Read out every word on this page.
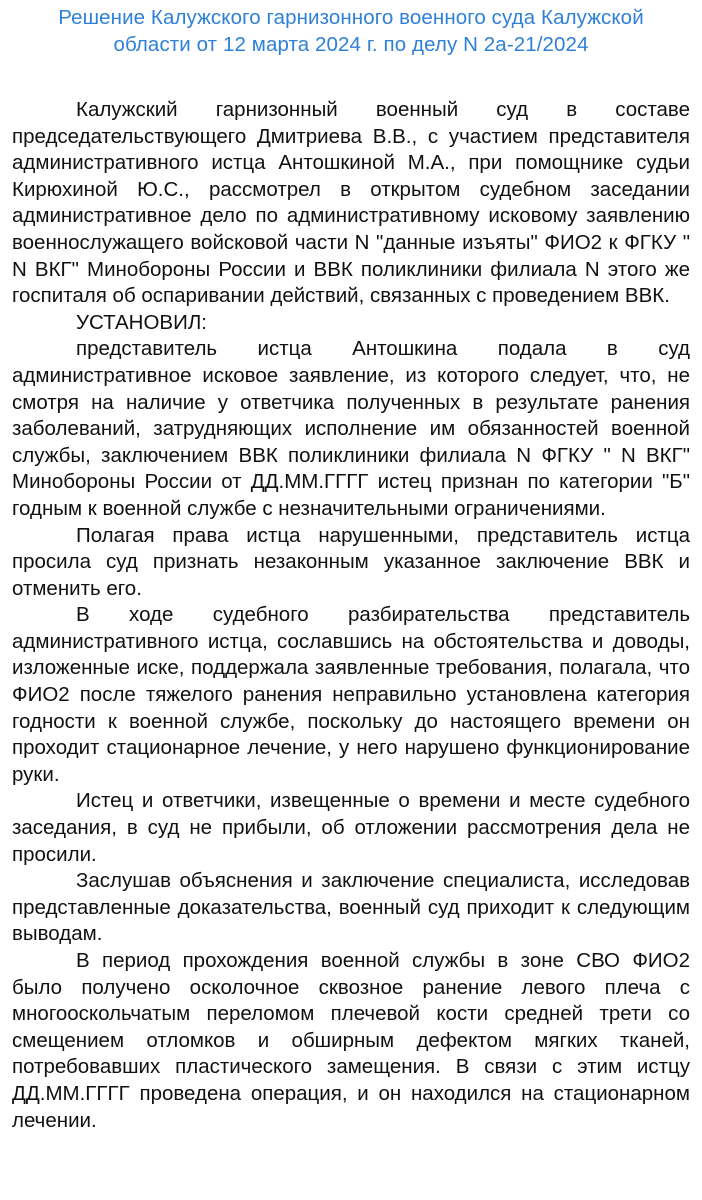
Решение Калужского гарнизонного военного суда Калужской
области от 12 марта 2024 г. по делу N 2а-21/2024

Калужский гарнизонный военный суд в составе председательствующего Дмитриева В.В., с участием представителя административного истца Антошкиной М.А., при помощнике судьи Кирюхиной Ю.С., рассмотрел в открытом судебном заседании административное дело по административному исковому заявлению военнослужащего войсковой части N "данные изъяты" ФИО2 к ФГКУ " N ВКГ" Минобороны России и ВВК поликлиники филиала N этого же госпиталя об оспаривании действий, связанных с проведением ВВК.

УСТАНОВИЛ:

представитель истца Антошкина подала в суд административное исковое заявление, из которого следует, что, не смотря на наличие у ответчика полученных в результате ранения заболеваний, затрудняющих исполнение им обязанностей военной службы, заключением ВВК поликлиники филиала N ФГКУ " N ВКГ" Минобороны России от ДД.ММ.ГГГГ истец признан по категории "Б" годным к военной службе с незначительными ограничениями.

Полагая права истца нарушенными, представитель истца просила суд признать незаконным указанное заключение ВВК и отменить его.

В ходе судебного разбирательства представитель административного истца, сославшись на обстоятельства и доводы, изложенные иске, поддержала заявленные требования, полагала, что ФИО2 после тяжелого ранения неправильно установлена категория годности к военной службе, поскольку до настоящего времени он проходит стационарное лечение, у него нарушено функционирование руки.

Истец и ответчики, извещенные о времени и месте судебного заседания, в суд не прибыли, об отложении рассмотрения дела не просили.

Заслушав объяснения и заключение специалиста, исследовав представленные доказательства, военный суд приходит к следующим выводам.

В период прохождения военной службы в зоне СВО ФИО2 было получено осколочное сквозное ранение левого плеча с многооскольчатым переломом плечевой кости средней трети со смещением отломков и обширным дефектом мягких тканей, потребовавших пластического замещения. В связи с этим истцу ДД.ММ.ГГГГ проведена операция, и он находился на стационарном лечении.
